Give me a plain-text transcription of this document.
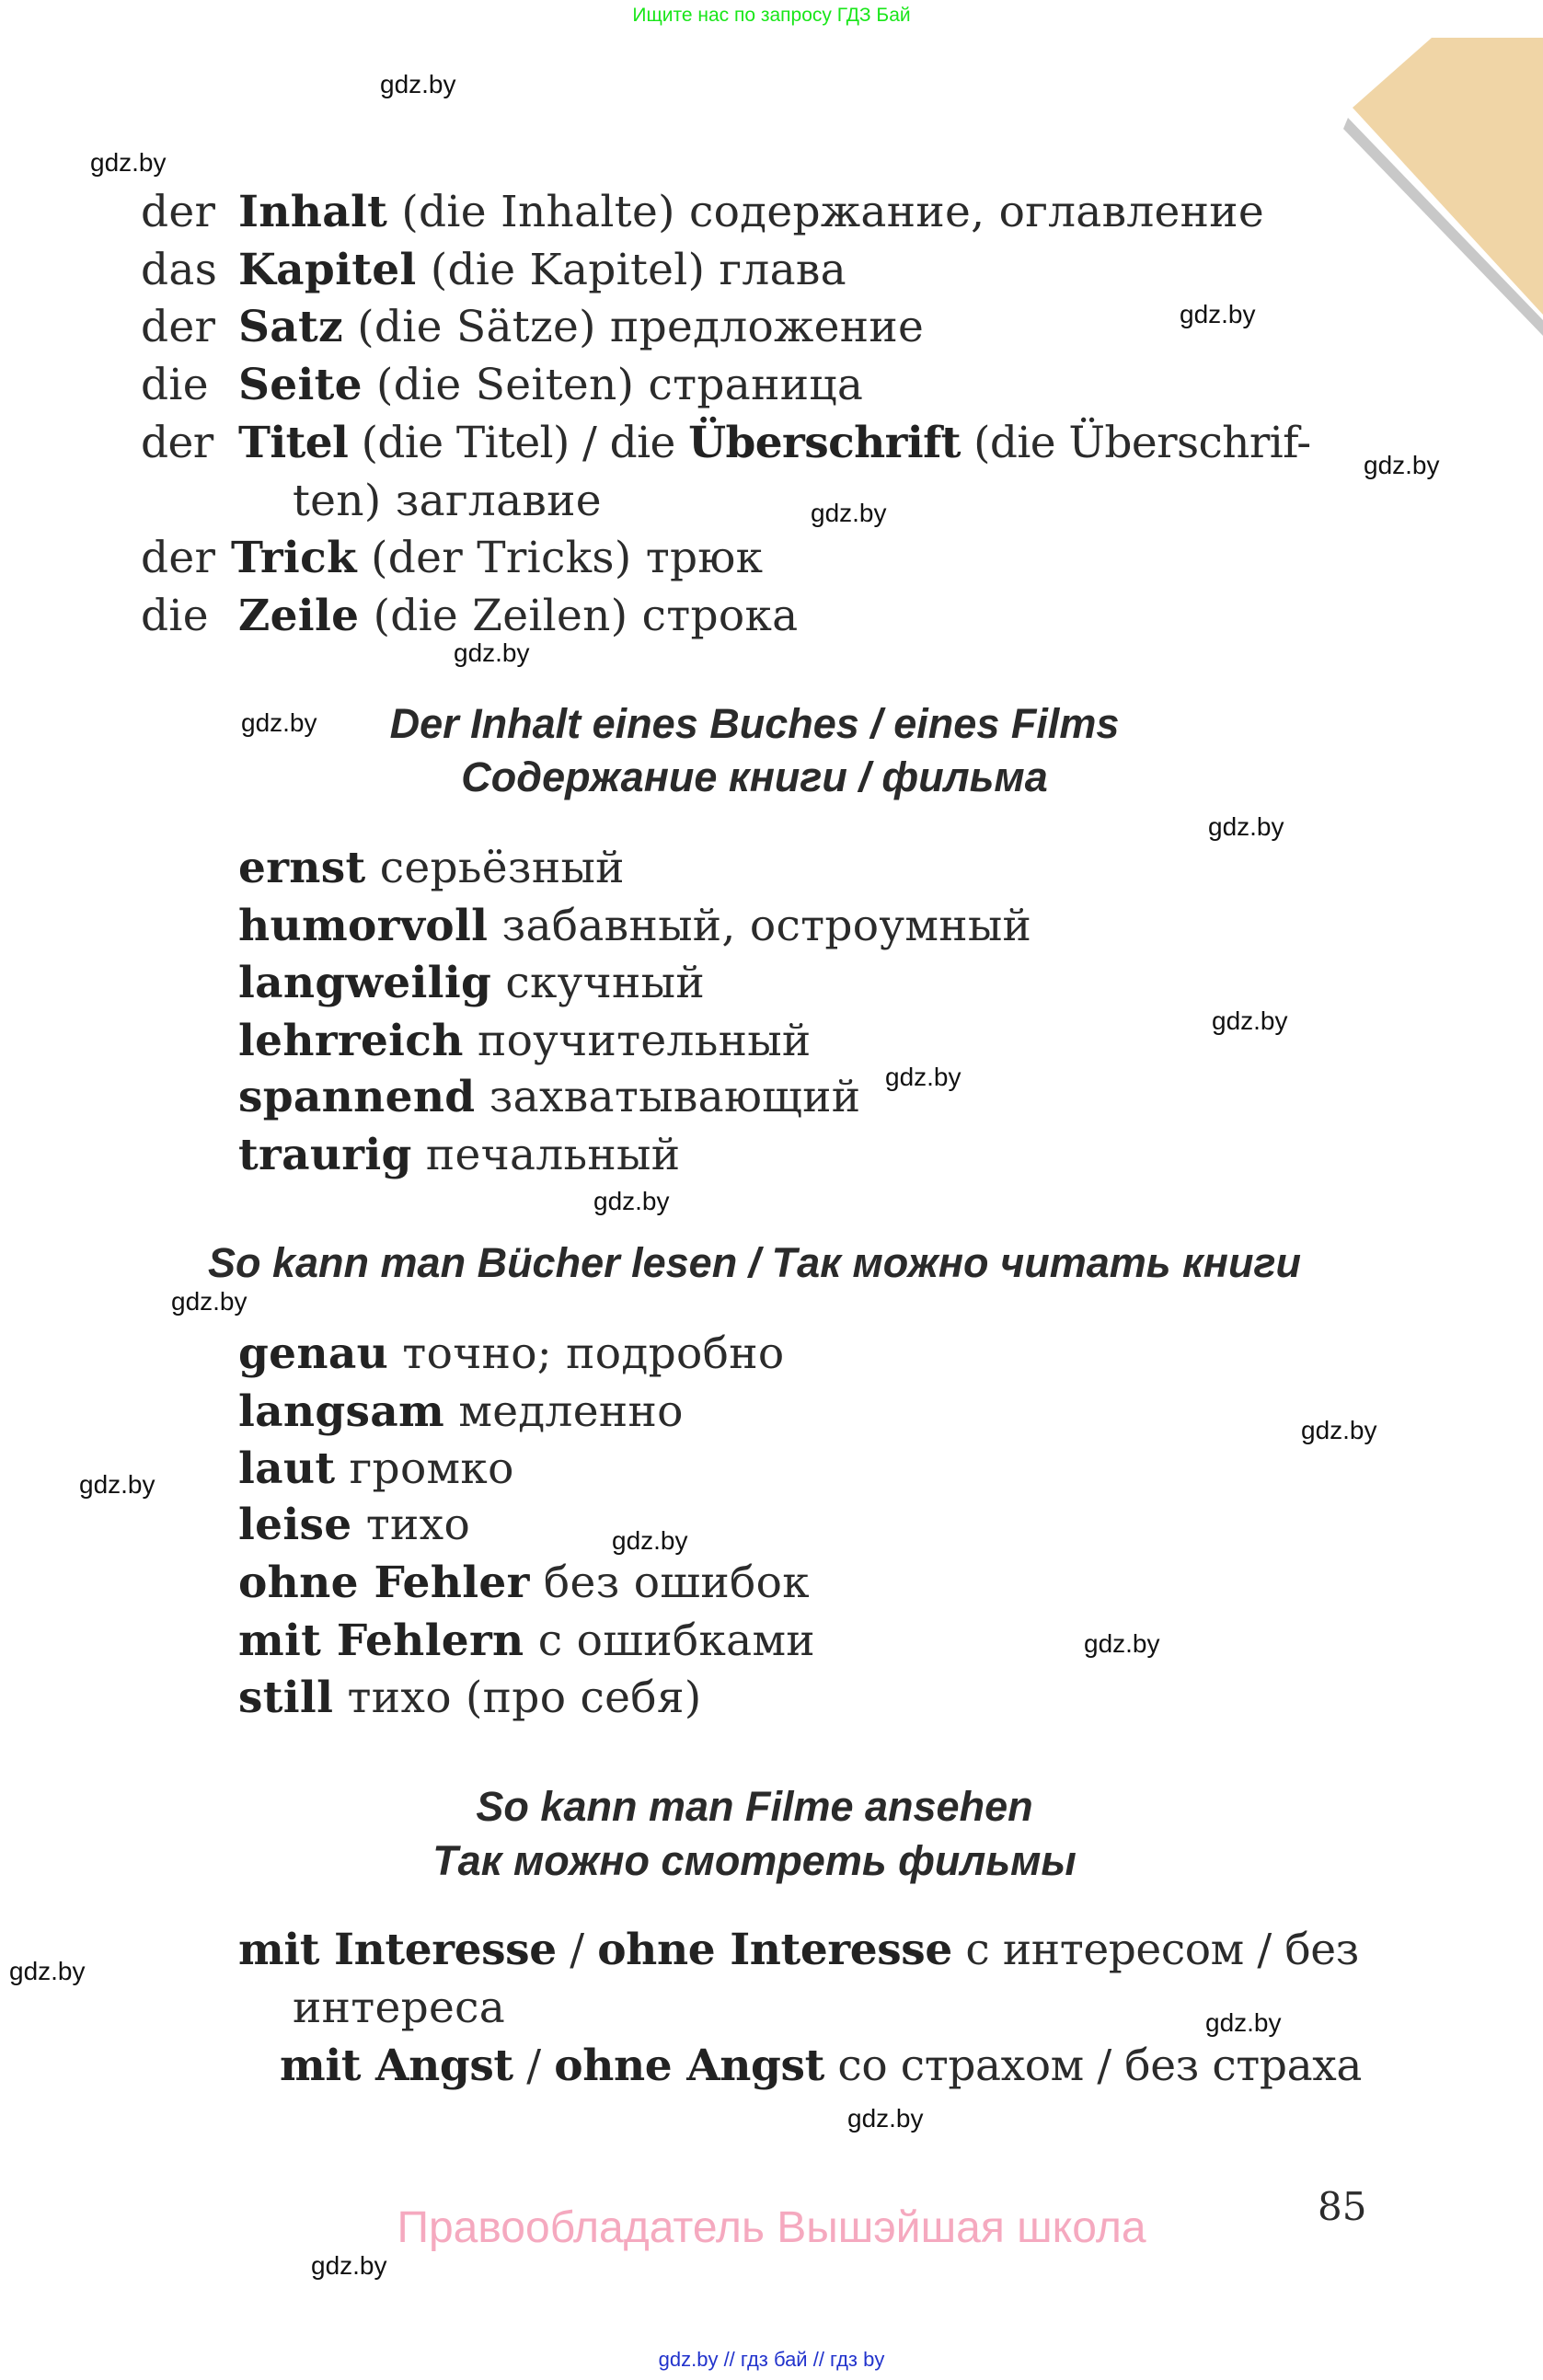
Ищите нас по запросу ГДЗ Бай
der Inhalt (die Inhalte) содержание, оглавление
das Kapitel (die Kapitel) глава
der Satz (die Sätze) предложение
die Seite (die Seiten) страница
der Titel (die Titel) / die Überschrift (die Überschrif-
ten) заглавие
der Trick (der Tricks) трюк
die Zeile (die Zeilen) строка
Der Inhalt eines Buches / eines Films
Содержание книги / фильма
ernst серьёзный
humorvoll забавный, остроумный
langweilig скучный
lehrreich поучительный
spannend захватывающий
traurig печальный
So kann man Bücher lesen / Так можно читать книги
genau точно; подробно
langsam медленно
laut громко
leise тихо
ohne Fehler без ошибок
mit Fehlern с ошибками
still тихо (про себя)
So kann man Filme ansehen
Так можно смотреть фильмы
mit Interesse / ohne Interesse с интересом / без
интереса
mit Angst / ohne Angst со страхом / без страха
gdz.by
gdz.by
gdz.by
gdz.by
gdz.by
gdz.by
gdz.by
gdz.by
gdz.by
gdz.by
gdz.by
gdz.by
gdz.by
gdz.by
gdz.by
gdz.by
gdz.by
gdz.by
gdz.by
gdz.by
85
Правообладатель Вышэйшая школа
gdz.by // гдз бай // гдз by
